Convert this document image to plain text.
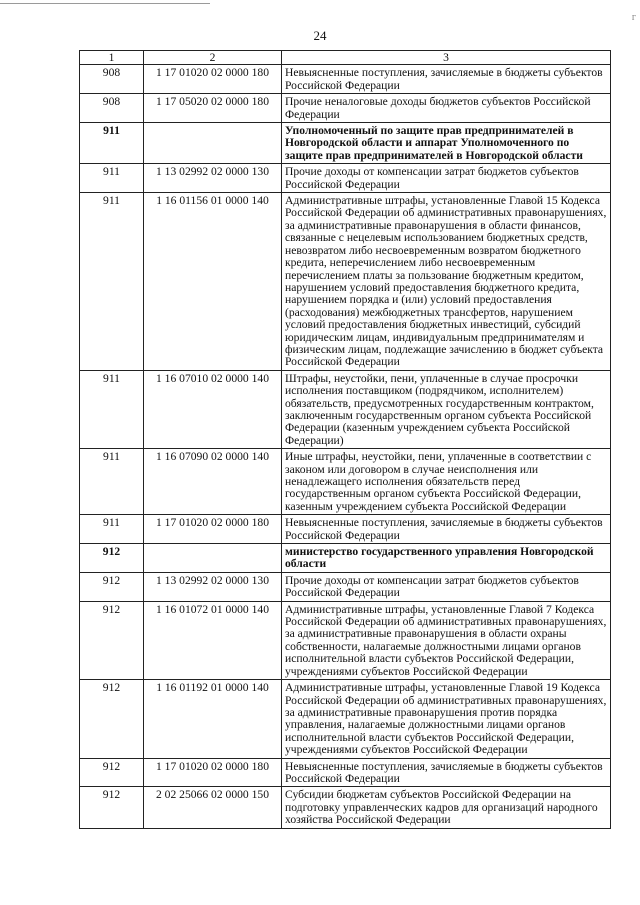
г
24
1	2	3
908	1 17 01020 02 0000 180	Невыясненные поступления, зачисляемые в бюджеты субъектов Российской Федерации
908	1 17 05020 02 0000 180	Прочие неналоговые доходы бюджетов субъектов Российской Федерации
911		Уполномоченный по защите прав предпринимателей в Новгородской области и аппарат Уполномоченного по защите прав предпринимателей в Новгородской области
911	1 13 02992 02 0000 130	Прочие доходы от компенсации затрат бюджетов субъектов Российской Федерации
911	1 16 01156 01 0000 140	Административные штрафы, установленные Главой 15 Кодекса Российской Федерации об административных правонарушениях, за административные правонарушения в области финансов, связанные с нецелевым использованием бюджетных средств, невозвратом либо несвоевременным возвратом бюджетного кредита, неперечислением либо несвоевременным перечислением платы за пользование бюджетным кредитом, нарушением условий предоставления бюджетного кредита, нарушением порядка и (или) условий предоставления (расходования) межбюджетных трансфертов, нарушением условий предоставления бюджетных инвестиций, субсидий юридическим лицам, индивидуальным предпринимателям и физическим лицам, подлежащие зачислению в бюджет субъекта Российской Федерации
911	1 16 07010 02 0000 140	Штрафы, неустойки, пени, уплаченные в случае просрочки исполнения поставщиком (подрядчиком, исполнителем) обязательств, предусмотренных государственным контрактом, заключенным государственным органом субъекта Российской Федерации (казенным учреждением субъекта Российской Федерации)
911	1 16 07090 02 0000 140	Иные штрафы, неустойки, пени, уплаченные в соответствии с законом или договором в случае неисполнения или ненадлежащего исполнения обязательств перед государственным органом субъекта Российской Федерации, казенным учреждением субъекта Российской Федерации
911	1 17 01020 02 0000 180	Невыясненные поступления, зачисляемые в бюджеты субъектов Российской Федерации
912		министерство государственного управления Новгородской области
912	1 13 02992 02 0000 130	Прочие доходы от компенсации затрат бюджетов субъектов Российской Федерации
912	1 16 01072 01 0000 140	Административные штрафы, установленные Главой 7 Кодекса Российской Федерации об административных правонарушениях, за административные правонарушения в области охраны собственности, налагаемые должностными лицами органов исполнительной власти субъектов Российской Федерации, учреждениями субъектов Российской Федерации
912	1 16 01192 01 0000 140	Административные штрафы, установленные Главой 19 Кодекса Российской Федерации об административных правонарушениях, за административные правонарушения против порядка управления, налагаемые должностными лицами органов исполнительной власти субъектов Российской Федерации, учреждениями субъектов Российской Федерации
912	1 17 01020 02 0000 180	Невыясненные поступления, зачисляемые в бюджеты субъектов Российской Федерации
912	2 02 25066 02 0000 150	Субсидии бюджетам субъектов Российской Федерации на подготовку управленческих кадров для организаций народного хозяйства Российской Федерации
